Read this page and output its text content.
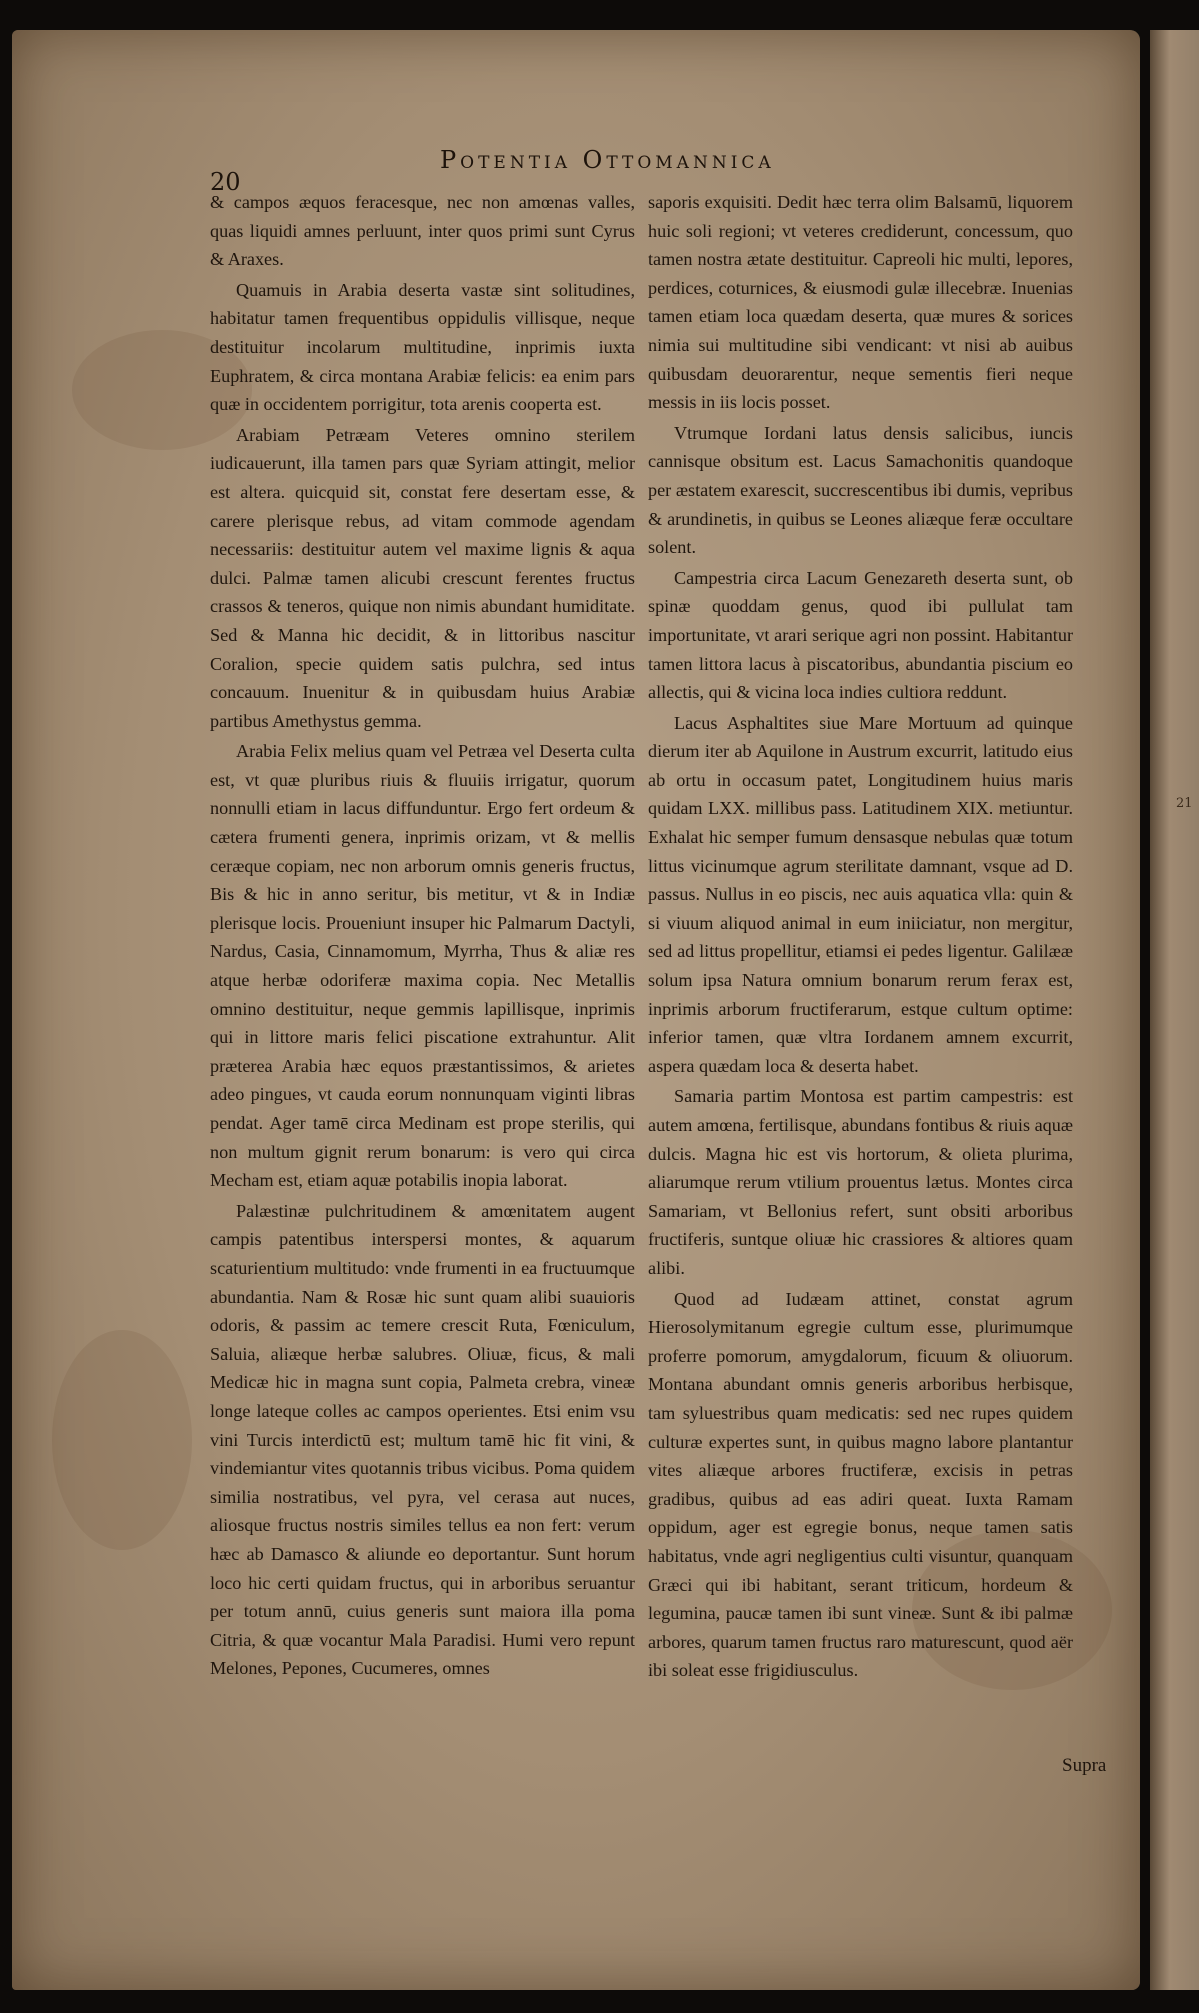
21
20
Potentia Ottomannica

& campos æquos feracesque, nec non amœnas valles, quas liquidi amnes perluunt, inter quos primi sunt Cyrus & Araxes.

Quamuis in Arabia deserta vastæ sint solitudines, habitatur tamen frequentibus oppidulis villisque, neque destituitur incolarum multitudine, inprimis iuxta Euphratem, & circa montana Arabiæ felicis: ea enim pars quæ in occidentem porrigitur, tota arenis cooperta est.

Arabiam Petræam Veteres omnino sterilem iudicauerunt, illa tamen pars quæ Syriam attingit, melior est altera. quicquid sit, constat fere desertam esse, & carere plerisque rebus, ad vitam commode agendam necessariis: destituitur autem vel maxime lignis & aqua dulci. Palmæ tamen alicubi crescunt ferentes fructus crassos & teneros, quique non nimis abundant humiditate. Sed & Manna hic decidit, & in littoribus nascitur Coralion, specie quidem satis pulchra, sed intus concauum. Inuenitur & in quibusdam huius Arabiæ partibus Amethystus gemma.

Arabia Felix melius quam vel Petræa vel Deserta culta est, vt quæ pluribus riuis & fluuiis irrigatur, quorum nonnulli etiam in lacus diffunduntur. Ergo fert ordeum & cætera frumenti genera, inprimis orizam, vt & mellis ceræque copiam, nec non arborum omnis generis fructus, Bis & hic in anno seritur, bis metitur, vt & in Indiæ plerisque locis. Proueniunt insuper hic Palmarum Dactyli, Nardus, Casia, Cinnamomum, Myrrha, Thus & aliæ res atque herbæ odoriferæ maxima copia. Nec Metallis omnino destituitur, neque gemmis lapillisque, inprimis qui in littore maris felici piscatione extrahuntur. Alit præterea Arabia hæc equos præstantissimos, & arietes adeo pingues, vt cauda eorum nonnunquam viginti libras pendat. Ager tamē circa Medinam est prope sterilis, qui non multum gignit rerum bonarum: is vero qui circa Mecham est, etiam aquæ potabilis inopia laborat.

Palæstinæ pulchritudinem & amœnitatem augent campis patentibus interspersi montes, & aquarum scaturientium multitudo: vnde frumenti in ea fructuumque abundantia. Nam & Rosæ hic sunt quam alibi suauioris odoris, & passim ac temere crescit Ruta, Fœniculum, Saluia, aliæque herbæ salubres. Oliuæ, ficus, & mali Medicæ hic in magna sunt copia, Palmeta crebra, vineæ longe lateque colles ac campos operientes. Etsi enim vsu vini Turcis interdictū est; multum tamē hic fit vini, & vindemiantur vites quotannis tribus vicibus. Poma quidem similia nostratibus, vel pyra, vel cerasa aut nuces, aliosque fructus nostris similes tellus ea non fert: verum hæc ab Damasco & aliunde eo deportantur. Sunt horum loco hic certi quidam fructus, qui in arboribus seruantur per totum annū, cuius generis sunt maiora illa poma Citria, & quæ vocantur Mala Paradisi. Humi vero repunt Melones, Pepones, Cucumeres, omnes

saporis exquisiti. Dedit hæc terra olim Balsamū, liquorem huic soli regioni; vt veteres crediderunt, concessum, quo tamen nostra ætate destituitur. Capreoli hic multi, lepores, perdices, coturnices, & eiusmodi gulæ illecebræ. Inuenias tamen etiam loca quædam deserta, quæ mures & sorices nimia sui multitudine sibi vendicant: vt nisi ab auibus quibusdam deuorarentur, neque sementis fieri neque messis in iis locis posset.

Vtrumque Iordani latus densis salicibus, iuncis cannisque obsitum est. Lacus Samachonitis quandoque per æstatem exarescit, succrescentibus ibi dumis, vepribus & arundinetis, in quibus se Leones aliæque feræ occultare solent.

Campestria circa Lacum Genezareth deserta sunt, ob spinæ quoddam genus, quod ibi pullulat tam importunitate, vt arari serique agri non possint. Habitantur tamen littora lacus à piscatoribus, abundantia piscium eo allectis, qui & vicina loca indies cultiora reddunt.

Lacus Asphaltites siue Mare Mortuum ad quinque dierum iter ab Aquilone in Austrum excurrit, latitudo eius ab ortu in occasum patet, Longitudinem huius maris quidam LXX. millibus pass. Latitudinem XIX. metiuntur. Exhalat hic semper fumum densasque nebulas quæ totum littus vicinumque agrum sterilitate damnant, vsque ad D. passus. Nullus in eo piscis, nec auis aquatica vlla: quin & si viuum aliquod animal in eum iniiciatur, non mergitur, sed ad littus propellitur, etiamsi ei pedes ligentur. Galilææ solum ipsa Natura omnium bonarum rerum ferax est, inprimis arborum fructiferarum, estque cultum optime: inferior tamen, quæ vltra Iordanem amnem excurrit, aspera quædam loca & deserta habet.

Samaria partim Montosa est partim campestris: est autem amœna, fertilisque, abundans fontibus & riuis aquæ dulcis. Magna hic est vis hortorum, & olieta plurima, aliarumque rerum vtilium prouentus lætus. Montes circa Samariam, vt Bellonius refert, sunt obsiti arboribus fructiferis, suntque oliuæ hic crassiores & altiores quam alibi.

Quod ad Iudæam attinet, constat agrum Hierosolymitanum egregie cultum esse, plurimumque proferre pomorum, amygdalorum, ficuum & oliuorum. Montana abundant omnis generis arboribus herbisque, tam syluestribus quam medicatis: sed nec rupes quidem culturæ expertes sunt, in quibus magno labore plantantur vites aliæque arbores fructiferæ, excisis in petras gradibus, quibus ad eas adiri queat. Iuxta Ramam oppidum, ager est egregie bonus, neque tamen satis habitatus, vnde agri negligentius culti visuntur, quanquam Græci qui ibi habitant, serant triticum, hordeum & legumina, paucæ tamen ibi sunt vineæ. Sunt & ibi palmæ arbores, quarum tamen fructus raro maturescunt, quod aër ibi soleat esse frigidiusculus.

Supra
